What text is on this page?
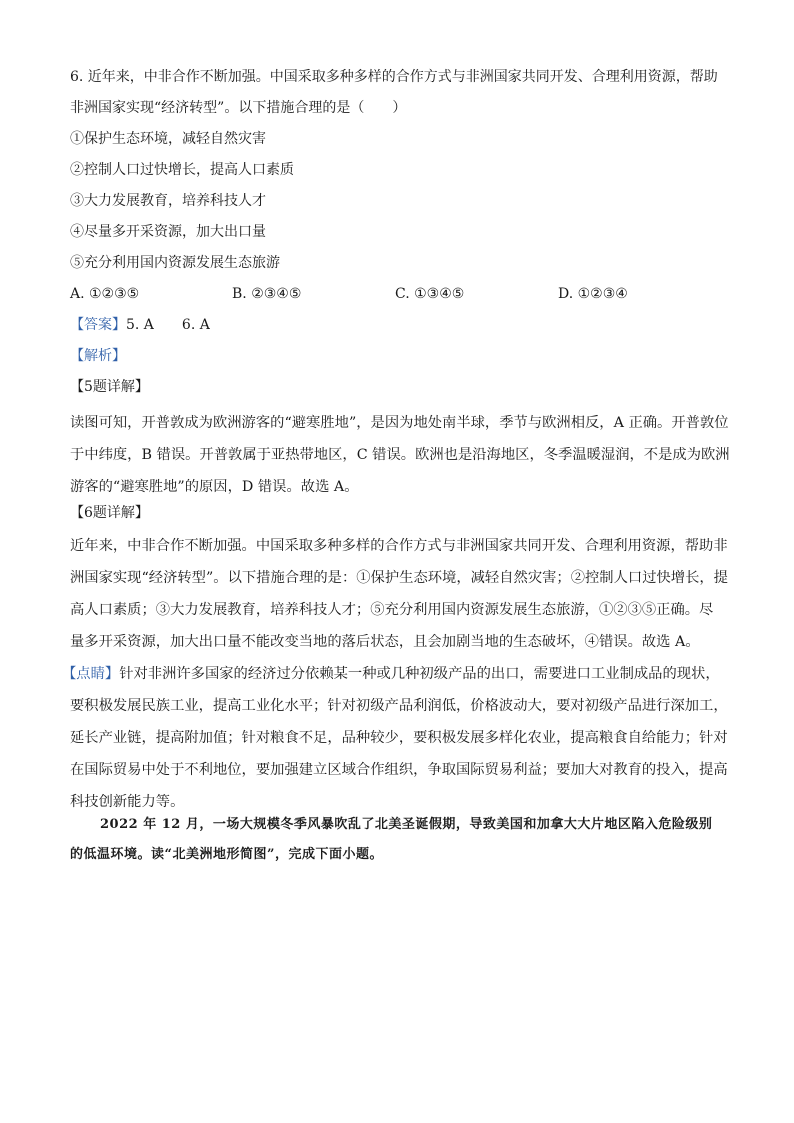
6. 近年来，中非合作不断加强。中国采取多种多样的合作方式与非洲国家共同开发、合理利用资源，帮助

非洲国家实现“经济转型”。以下措施合理的是（　　）

①保护生态环境，减轻自然灾害

②控制人口过快增长，提高人口素质

③大力发展教育，培养科技人才

④尽量多开采资源，加大出口量

⑤充分利用国内资源发展生态旅游

A. ①②③⑤	B. ②③④⑤	C. ①③④⑤	D. ①②③④
【答案】 5. A　　6. A
【解析】
【5题详解】

读图可知，开普敦成为欧洲游客的“避寒胜地”，是因为地处南半球，季节与欧洲相反，A 正确。开普敦位
于中纬度，B 错误。开普敦属于亚热带地区，C 错误。欧洲也是沿海地区，冬季温暖湿润，不是成为欧洲
游客的“避寒胜地”的原因，D 错误。故选 A。

【6题详解】

近年来，中非合作不断加强。中国采取多种多样的合作方式与非洲国家共同开发、合理利用资源，帮助非
洲国家实现“经济转型”。以下措施合理的是：①保护生态环境，减轻自然灾害；②控制人口过快增长，提
高人口素质；③大力发展教育，培养科技人才；⑤充分利用国内资源发展生态旅游，①②③⑤正确。尽
量多开采资源，加大出口量不能改变当地的落后状态，且会加剧当地的生态破坏，④错误。故选 A。

【点睛】针对非洲许多国家的经济过分依赖某一种或几种初级产品的出口，需要进口工业制成品的现状，

要积极发展民族工业，提高工业化水平；针对初级产品利润低，价格波动大，要对初级产品进行深加工，
延长产业链，提高附加值；针对粮食不足，品种较少，要积极发展多样化农业，提高粮食自给能力；针对
在国际贸易中处于不利地位，要加强建立区域合作组织，争取国际贸易利益；要加大对教育的投入，提高
科技创新能力等。

2022 年 12 月，一场大规模冬季风暴吹乱了北美圣诞假期，导致美国和加拿大大片地区陷入危险级别
的低温环境。读“北美洲地形简图”，完成下面小题。
